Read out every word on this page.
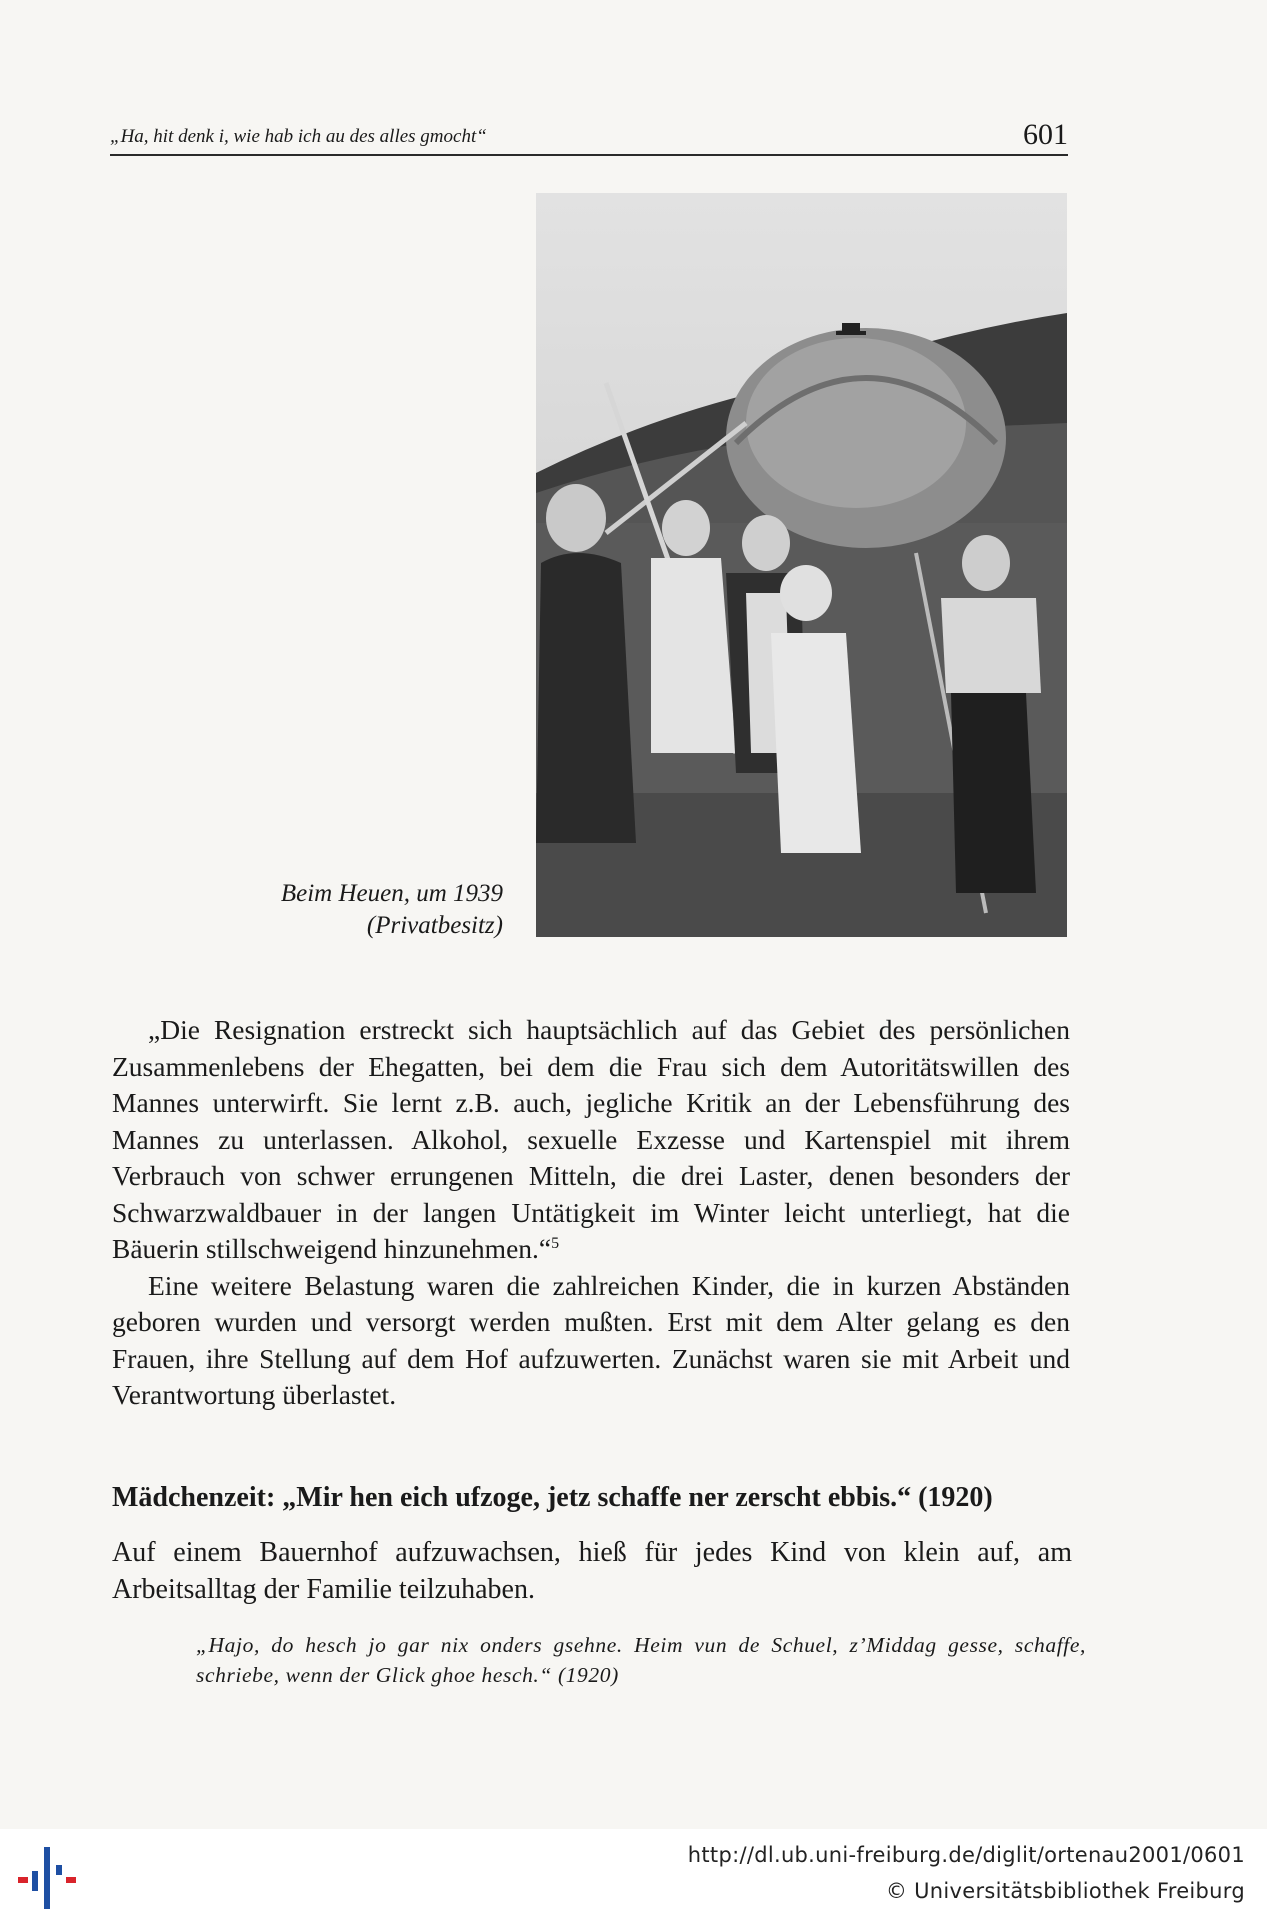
„Ha, hit denk i, wie hab ich au des alles gmocht“	601
Beim Heuen, um 1939
(Privatbesitz)

„Die Resignation erstreckt sich hauptsächlich auf das Gebiet des persönlichen Zusammenlebens der Ehegatten, bei dem die Frau sich dem Autoritätswillen des Mannes unterwirft. Sie lernt z.B. auch, jegliche Kritik an der Lebensführung des Mannes zu unterlassen. Alkohol, sexuelle Exzesse und Kartenspiel mit ihrem Verbrauch von schwer errungenen Mitteln, die drei Laster, denen besonders der Schwarzwaldbauer in der langen Untätigkeit im Winter leicht unterliegt, hat die Bäuerin stillschweigend hinzunehmen.“$^5$

Eine weitere Belastung waren die zahlreichen Kinder, die in kurzen Abständen geboren wurden und versorgt werden mußten. Erst mit dem Alter gelang es den Frauen, ihre Stellung auf dem Hof aufzuwerten. Zunächst waren sie mit Arbeit und Verantwortung überlastet.

Mädchenzeit: „Mir hen eich ufzoge, jetz schaffe ner zerscht ebbis.“ (1920)
Auf einem Bauernhof aufzuwachsen, hieß für jedes Kind von klein auf, am Arbeitsalltag der Familie teilzuhaben.
„Hajo, do hesch jo gar nix onders gsehne. Heim vun de Schuel, z’Middag gesse, schaffe, schriebe, wenn der Glick ghoe hesch.“ (1920)
http://dl.ub.uni-freiburg.de/diglit/ortenau2001/0601
© Universitätsbibliothek Freiburg
